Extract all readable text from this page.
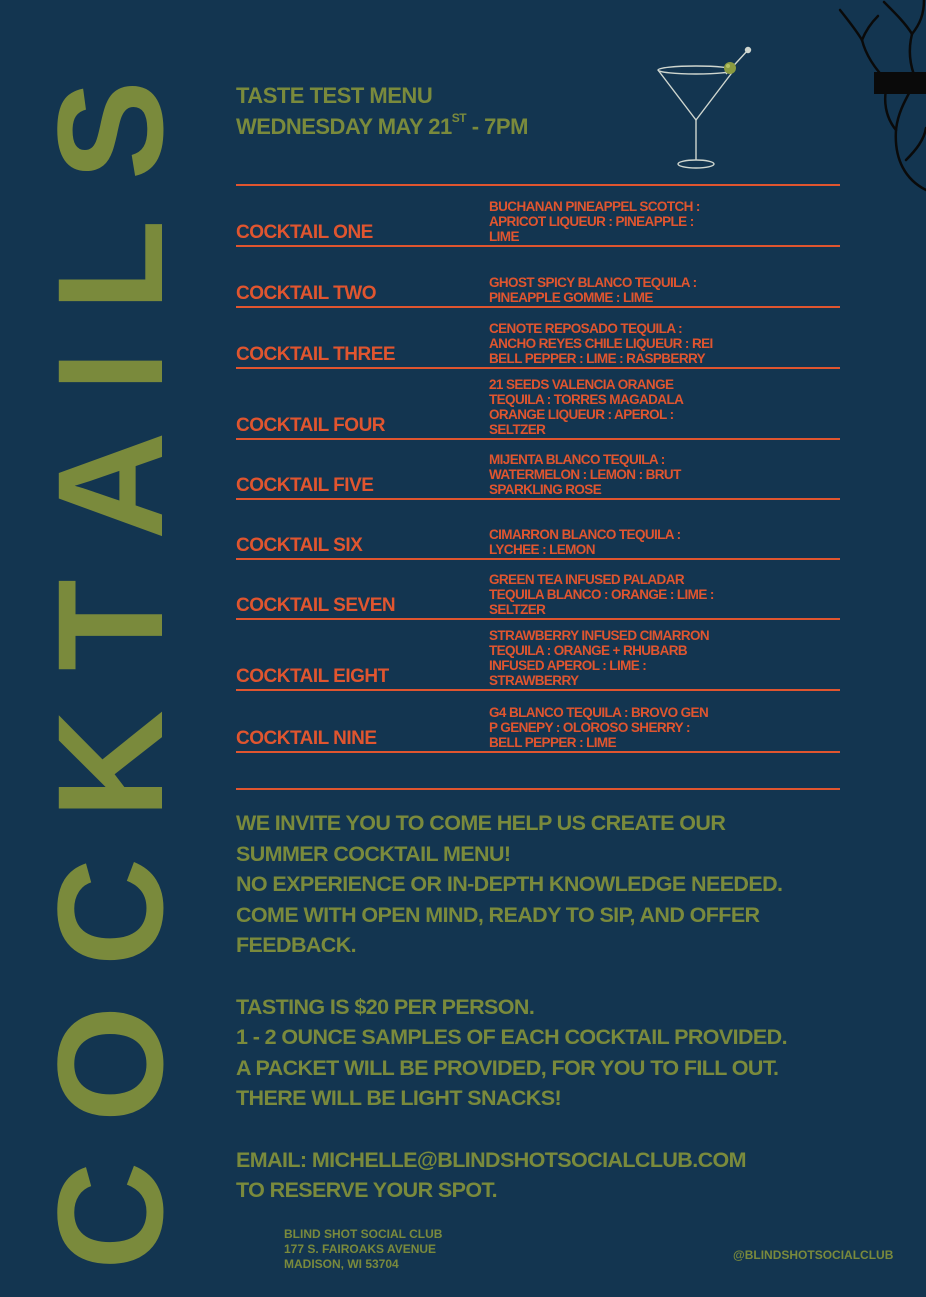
C
O
C
K
T
A
I
L
S TASTE TEST MENU
WEDNESDAY MAY 21ST - 7PM
COCKTAIL ONE
BUCHANAN PINEAPPEL SCOTCH :
APRICOT LIQUEUR : PINEAPPLE :
LIME
COCKTAIL TWO
GHOST SPICY BLANCO TEQUILA :
PINEAPPLE GOMME : LIME
COCKTAIL THREE
CENOTE REPOSADO TEQUILA :
ANCHO REYES CHILE LIQUEUR : REI
BELL PEPPER : LIME : RASPBERRY
COCKTAIL FOUR
21 SEEDS VALENCIA ORANGE
TEQUILA : TORRES MAGADALA
ORANGE LIQUEUR : APEROL :
SELTZER
COCKTAIL FIVE
MIJENTA BLANCO TEQUILA :
WATERMELON : LEMON : BRUT
SPARKLING ROSE
COCKTAIL SIX
CIMARRON BLANCO TEQUILA :
LYCHEE : LEMON
COCKTAIL SEVEN
GREEN TEA INFUSED PALADAR
TEQUILA BLANCO : ORANGE : LIME :
SELTZER
COCKTAIL EIGHT
STRAWBERRY INFUSED CIMARRON
TEQUILA : ORANGE + RHUBARB
INFUSED APEROL : LIME :
STRAWBERRY
COCKTAIL NINE
G4 BLANCO TEQUILA : BROVO GEN
P GENEPY : OLOROSO SHERRY :
BELL PEPPER : LIME

WE INVITE YOU TO COME HELP US CREATE OUR

SUMMER COCKTAIL MENU!

NO EXPERIENCE OR IN-DEPTH KNOWLEDGE NEEDED.

COME WITH OPEN MIND, READY TO SIP, AND OFFER

FEEDBACK.

TASTING IS $20 PER PERSON.

1 - 2 OUNCE SAMPLES OF EACH COCKTAIL PROVIDED.

A PACKET WILL BE PROVIDED, FOR YOU TO FILL OUT.

THERE WILL BE LIGHT SNACKS!

EMAIL: MICHELLE@BLINDSHOTSOCIALCLUB.COM

TO RESERVE YOUR SPOT.

BLIND SHOT SOCIAL CLUB
177 S. FAIROAKS AVENUE
MADISON, WI 53704
@BLINDSHOTSOCIALCLUB
